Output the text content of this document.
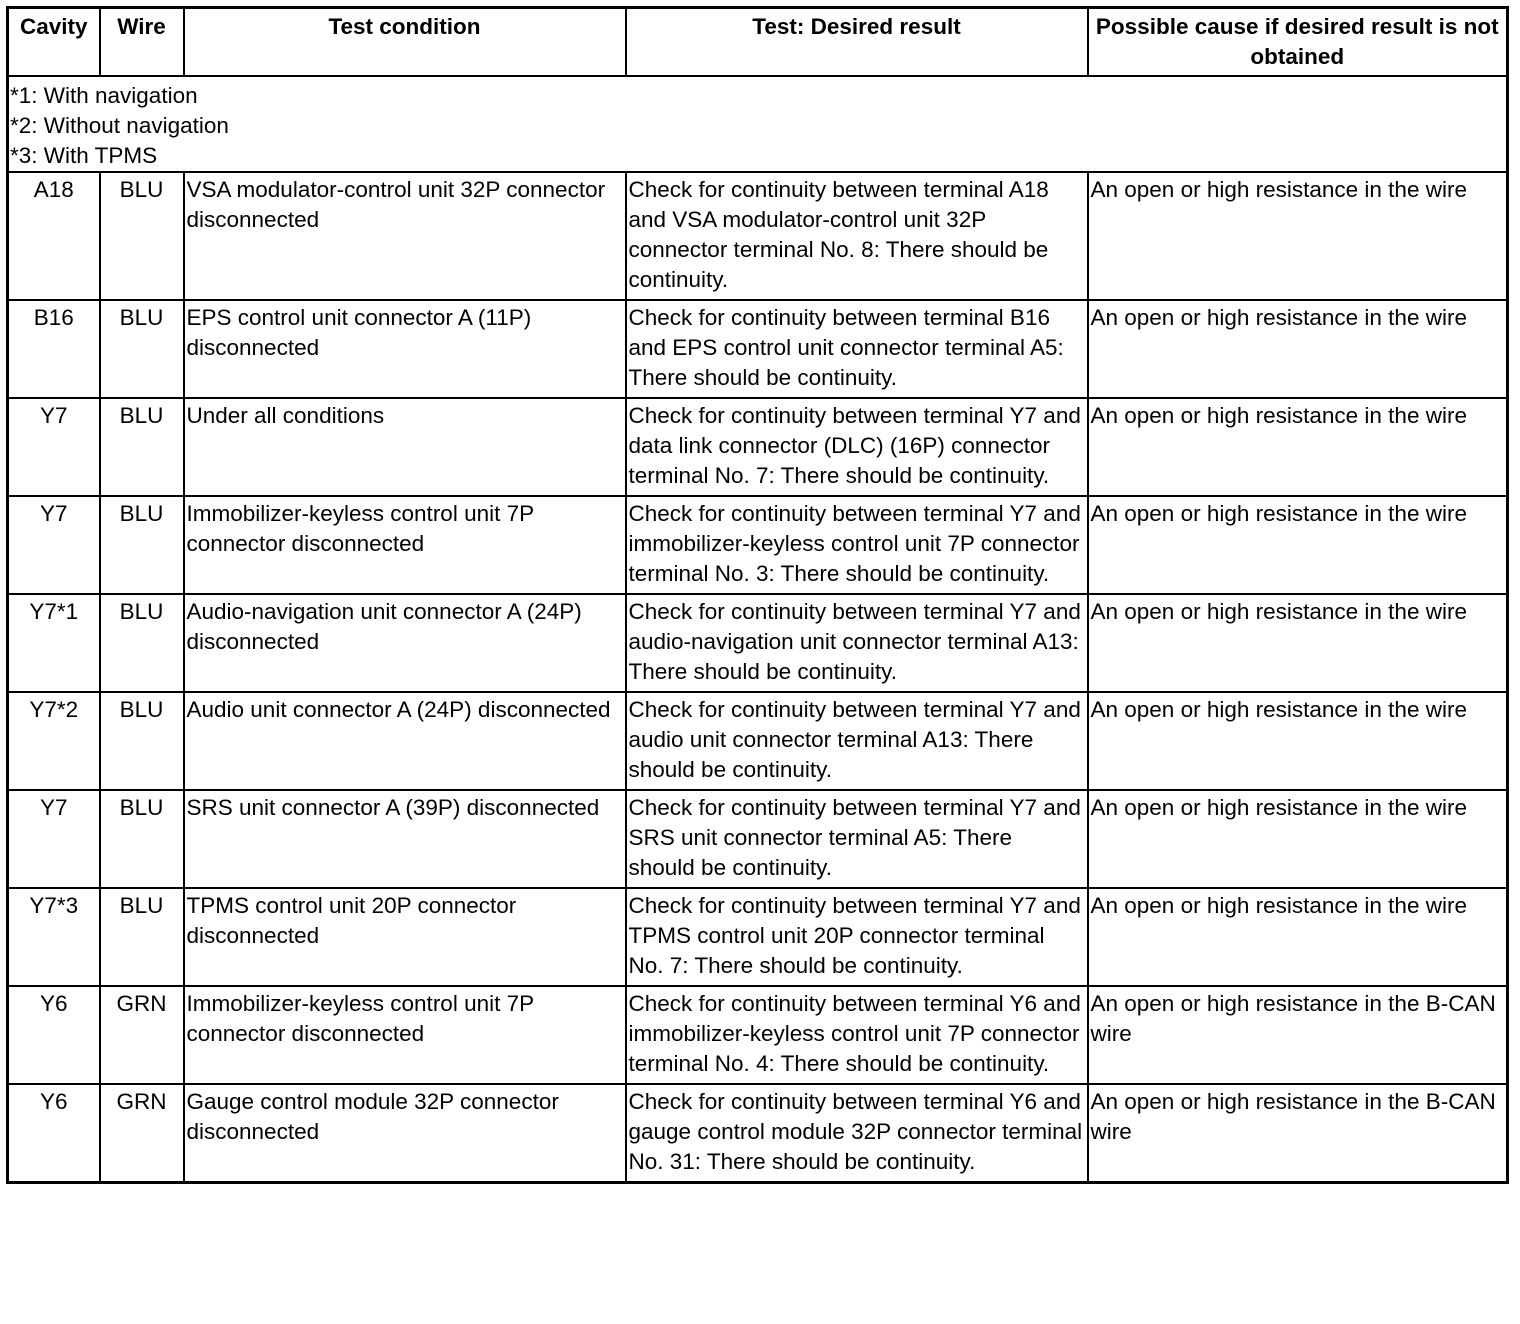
Cavity	Wire	Test condition	Test: Desired result	Possible cause if desired result is not obtained

*1: With navigation
*2: Without navigation
*3: With TPMS				

A18	BLU	VSA modulator-control unit 32P connector disconnected	Check for continuity between terminal A18 and VSA modulator-control unit 32P connector terminal No. 8: There should be continuity.	An open or high resistance in the wire
B16	BLU	EPS control unit connector A (11P) disconnected	Check for continuity between terminal B16 and EPS control unit connector terminal A5: There should be continuity.	An open or high resistance in the wire
Y7	BLU	Under all conditions	Check for continuity between terminal Y7 and data link connector (DLC) (16P) connector terminal No. 7: There should be continuity.	An open or high resistance in the wire
Y7	BLU	Immobilizer-keyless control unit 7P connector disconnected	Check for continuity between terminal Y7 and immobilizer-keyless control unit 7P connector terminal No. 3: There should be continuity.	An open or high resistance in the wire
Y7*1	BLU	Audio-navigation unit connector A (24P) disconnected	Check for continuity between terminal Y7 and audio-navigation unit connector terminal A13: There should be continuity.	An open or high resistance in the wire
Y7*2	BLU	Audio unit connector A (24P) disconnected	Check for continuity between terminal Y7 and audio unit connector terminal A13: There should be continuity.	An open or high resistance in the wire
Y7	BLU	SRS unit connector A (39P) disconnected	Check for continuity between terminal Y7 and SRS unit connector terminal A5: There should be continuity.	An open or high resistance in the wire
Y7*3	BLU	TPMS control unit 20P connector disconnected	Check for continuity between terminal Y7 and TPMS control unit 20P connector terminal No. 7: There should be continuity.	An open or high resistance in the wire
Y6	GRN	Immobilizer-keyless control unit 7P connector disconnected	Check for continuity between terminal Y6 and immobilizer-keyless control unit 7P connector terminal No. 4: There should be continuity.	An open or high resistance in the B-CAN wire
Y6	GRN	Gauge control module 32P connector disconnected	Check for continuity between terminal Y6 and gauge control module 32P connector terminal No. 31: There should be continuity.	An open or high resistance in the B-CAN wire
